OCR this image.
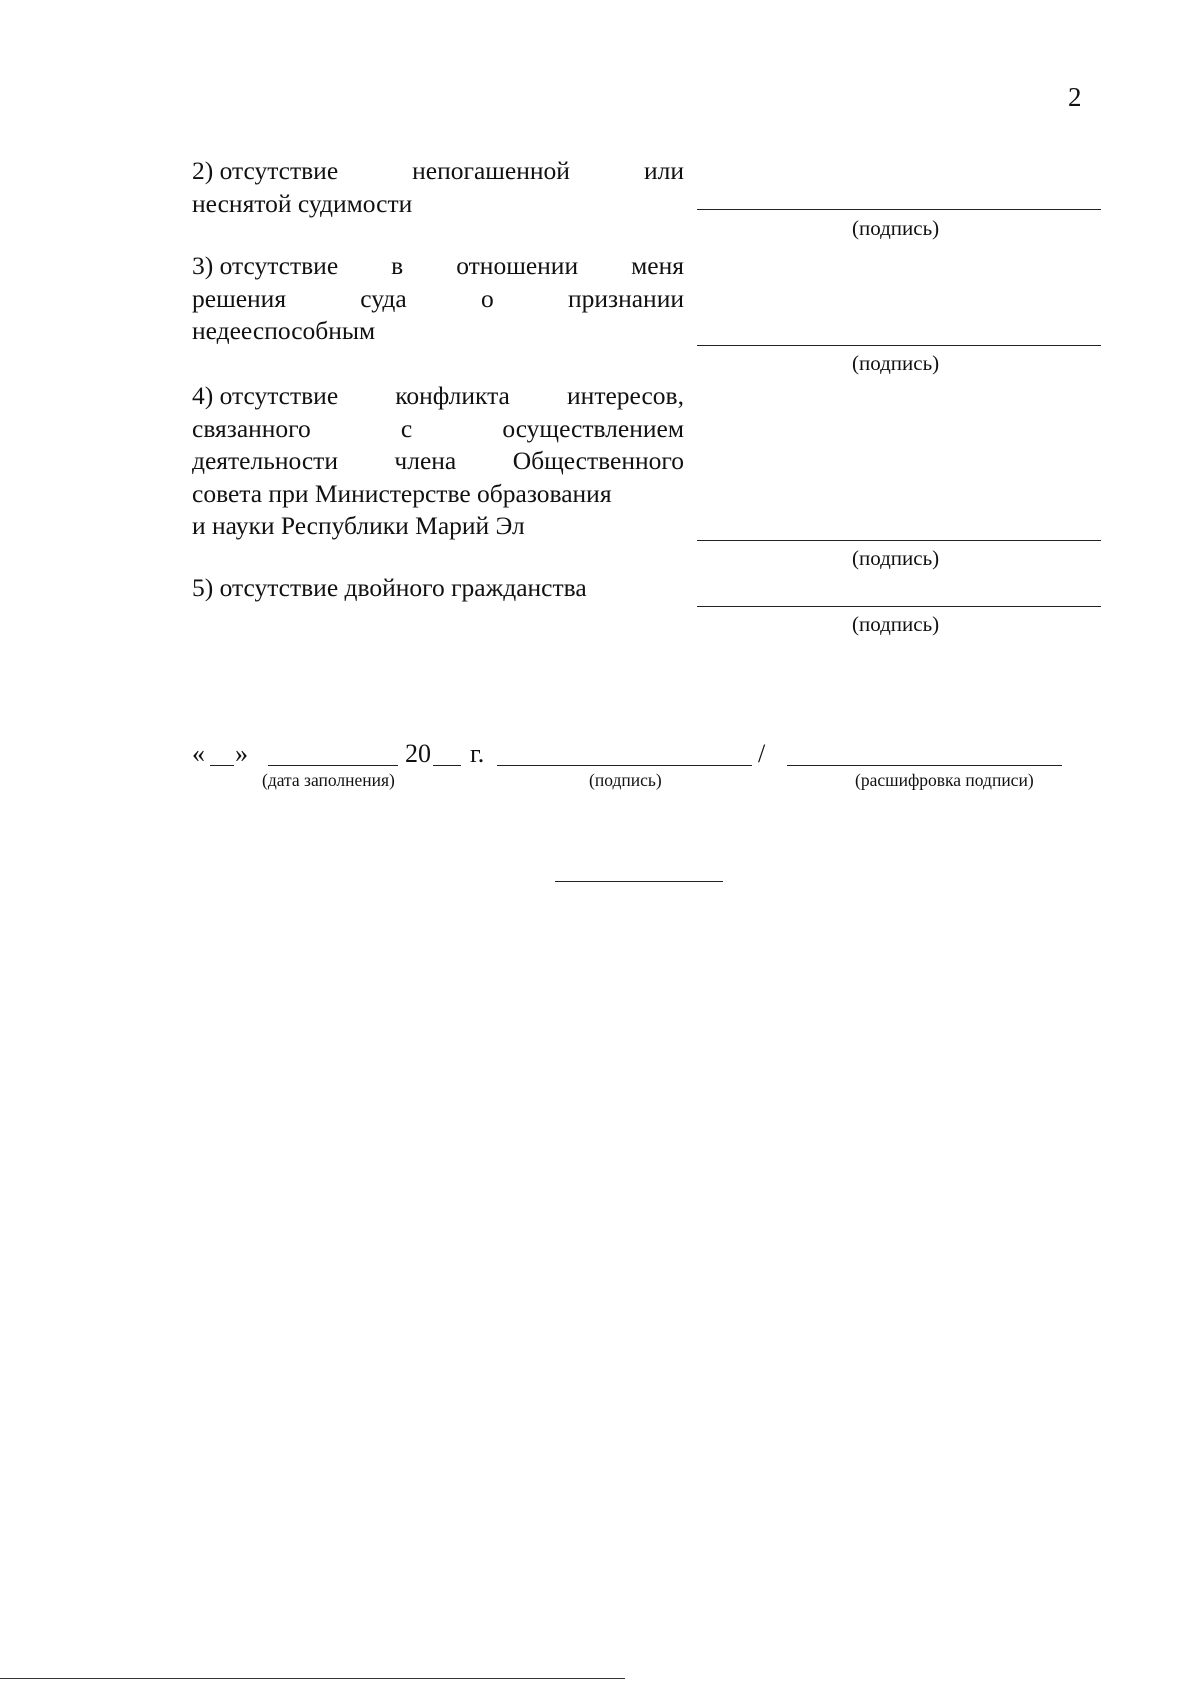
2
2) отсутствие	непогашенной	или
неснятой судимости
(подпись)
3) отсутствие в отношении меня
решения	суда	о	признании
недееспособным
(подпись)
4) отсутствие конфликта интересов,
связанного	с	осуществлением
деятельности члена Общественного
совета при Министерстве образования
и науки Республики Марий Эл
(подпись)
5) отсутствие двойного гражданства
(подпись)
« »	20 г.	/
(дата заполнения)	(подпись)	(расшифровка подписи)
